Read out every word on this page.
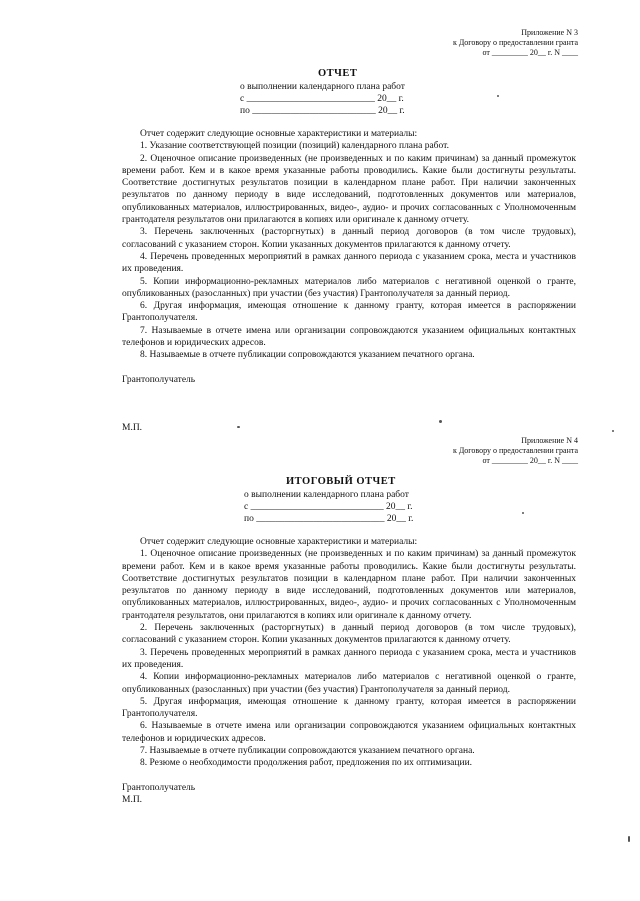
Приложение N 3
к Договору о предоставлении гранта
от _________ 20__ г. N ____
ОТЧЕТ
о выполнении календарного плана работ
с ___________________________ 20__ г.
по __________________________ 20__ г.
Отчет содержит следующие основные характеристики и материалы:
1. Указание соответствующей позиции (позиций) календарного плана работ.
2. Оценочное описание произведенных (не произведенных и по каким причинам) за данный промежуток времени работ. Кем и в какое время указанные работы проводились. Какие были достигнуты результаты. Соответствие достигнутых результатов позиции в календарном плане работ. При наличии законченных результатов по данному периоду в виде исследований, подготовленных документов или материалов, опубликованных материалов, иллюстрированных, видео-, аудио- и прочих согласованных с Уполномоченным грантодателя результатов они прилагаются в копиях или оригинале к данному отчету.
3. Перечень заключенных (расторгнутых) в данный период договоров (в том числе трудовых), согласований с указанием сторон. Копии указанных документов прилагаются к данному отчету.
4. Перечень проведенных мероприятий в рамках данного периода с указанием срока, места и участников их проведения.
5. Копии информационно-рекламных материалов либо материалов с негативной оценкой о гранте, опубликованных (разосланных) при участии (без участия) Грантополучателя за данный период.
6. Другая информация, имеющая отношение к данному гранту, которая имеется в распоряжении Грантополучателя.
7. Называемые в отчете имена или организации сопровождаются указанием официальных контактных телефонов и юридических адресов.
8. Называемые в отчете публикации сопровождаются указанием печатного органа.
Грантополучатель
М.П.
Приложение N 4
к Договору о предоставлении гранта
от _________ 20__ г. N ____
ИТОГОВЫЙ ОТЧЕТ
о выполнении календарного плана работ
с ____________________________ 20__ г.
по ___________________________ 20__ г.
Отчет содержит следующие основные характеристики и материалы:
1. Оценочное описание произведенных (не произведенных и по каким причинам) за данный промежуток времени работ. Кем и в какое время указанные работы проводились. Какие были достигнуты результаты. Соответствие достигнутых результатов позиции в календарном плане работ. При наличии законченных результатов по данному периоду в виде исследований, подготовленных документов или материалов, опубликованных материалов, иллюстрированных, видео-, аудио- и прочих согласованных с Уполномоченным грантодателя результатов, они прилагаются в копиях или оригинале к данному отчету.
2. Перечень заключенных (расторгнутых) в данный период договоров (в том числе трудовых), согласований с указанием сторон. Копии указанных документов прилагаются к данному отчету.
3. Перечень проведенных мероприятий в рамках данного периода с указанием срока, места и участников их проведения.
4. Копии информационно-рекламных материалов либо материалов с негативной оценкой о гранте, опубликованных (разосланных) при участии (без участия) Грантополучателя за данный период.
5. Другая информация, имеющая отношение к данному гранту, которая имеется в распоряжении Грантополучателя.
6. Называемые в отчете имена или организации сопровождаются указанием официальных контактных телефонов и юридических адресов.
7. Называемые в отчете публикации сопровождаются указанием печатного органа.
8. Резюме о необходимости продолжения работ, предложения по их оптимизации.
Грантополучатель
М.П.
